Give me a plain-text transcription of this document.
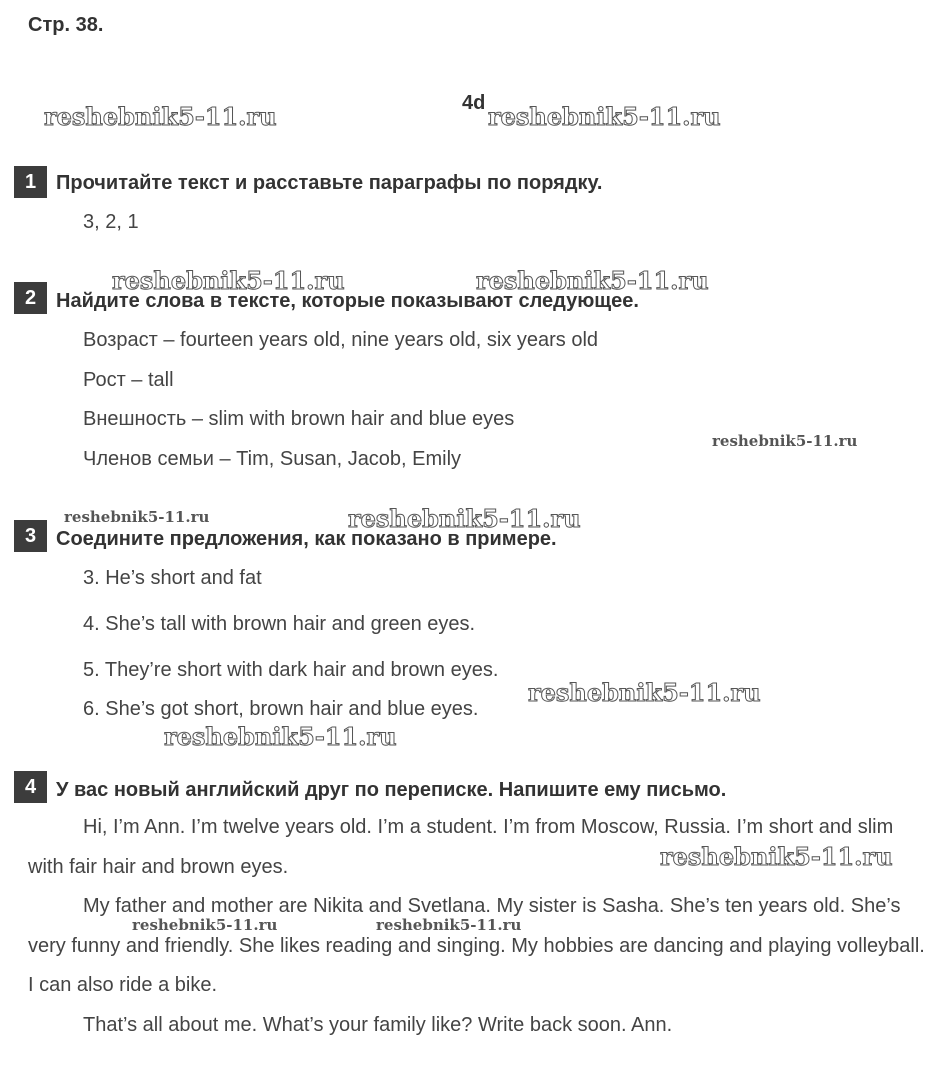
Стр. 38.
4d
reshebnik5-11.ru	reshebnik5-11.ru
reshebnik5-11.ru	reshebnik5-11.ru
reshebnik5-11.ru
reshebnik5-11.ru	reshebnik5-11.ru
reshebnik5-11.ru
reshebnik5-11.ru
reshebnik5-11.ru
reshebnik5-11.ru	reshebnik5-11.ru
1 Прочитайте текст и расставьте параграфы по порядку.
3, 2, 1
2 Найдите слова в тексте, которые показывают следующее.
Возраст – fourteen years old, nine years old, six years old
Рост – tall
Внешность – slim with brown hair and blue eyes
Членов семьи – Tim, Susan, Jacob, Emily
3 Соедините предложения, как показано в примере.
3. He’s short and fat
4. She’s tall with brown hair and green eyes.
5. They’re short with dark hair and brown eyes.
6. She’s got short, brown hair and blue eyes.
4 У вас новый английский друг по переписке. Напишите ему письмо.

Hi, I’m Ann. I’m twelve years old. I’m a student. I’m from Moscow, Russia. I’m short and slim with fair hair and brown eyes.

My father and mother are Nikita and Svetlana. My sister is Sasha. She’s ten years old. She’s very funny and friendly. She likes reading and singing. My hobbies are dancing and playing volleyball. I can also ride a bike.

That’s all about me. What’s your family like? Write back soon. Ann.
